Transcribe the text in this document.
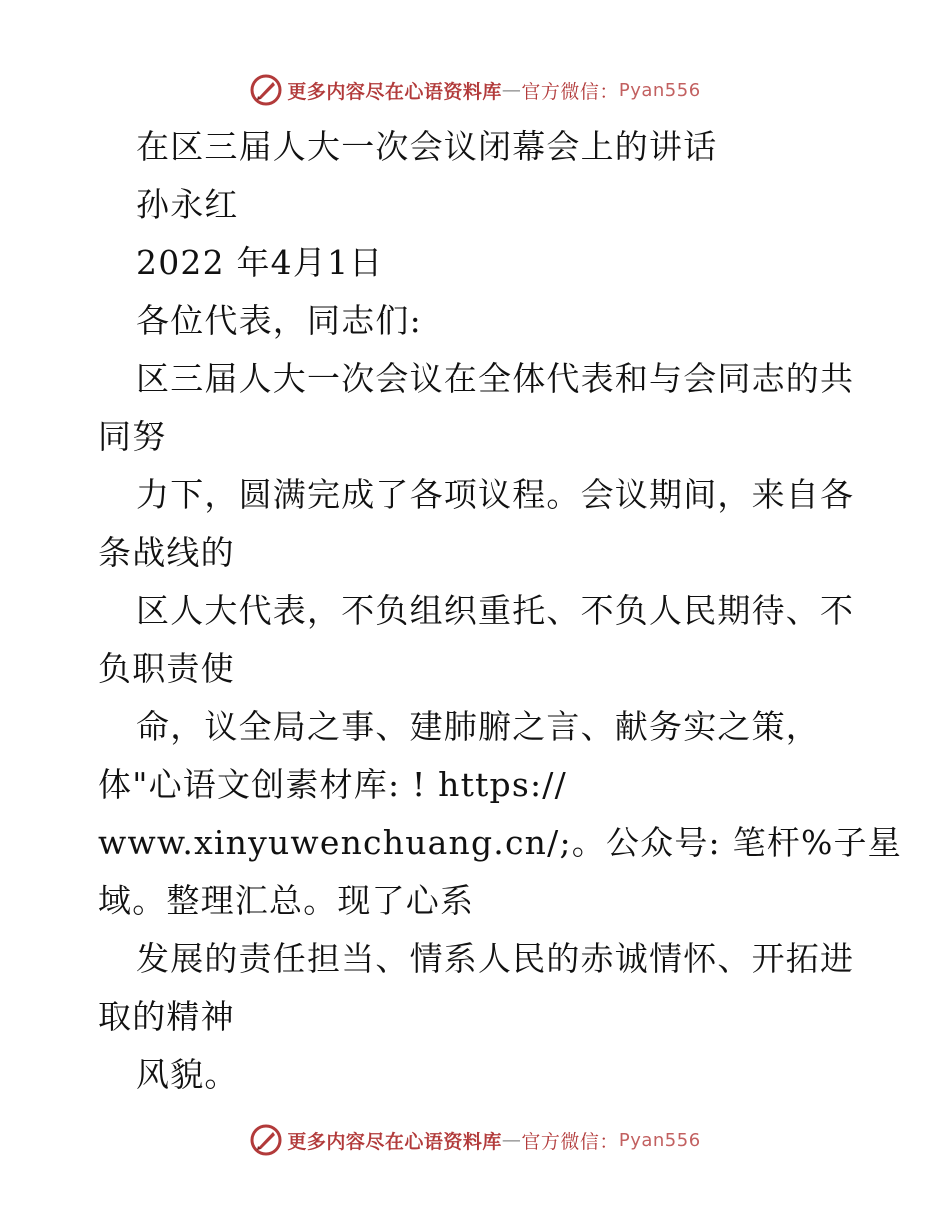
更多内容尽在心语资料库 — 官方微信： Pyan556
在区三届人大一次会议闭幕会上的讲话
孙永红
2022 年4月1日
各位代表，同志们:
区三届人大一次会议在全体代表和与会同志的共
同努
力下，圆满完成了各项议程。会议期间，来自各
条战线的
区人大代表，不负组织重托、不负人民期待、不
负职责使
命，议全局之事、建肺腑之言、献务实之策，
体"心语文创素材库: ! https://
www.xinyuwenchuang.cn/;。公众号: 笔杆%子星
域。整理汇总。现了心系
发展的责任担当、情系人民的赤诚情怀、开拓进
取的精神
风貌。
更多内容尽在心语资料库 — 官方微信： Pyan556
